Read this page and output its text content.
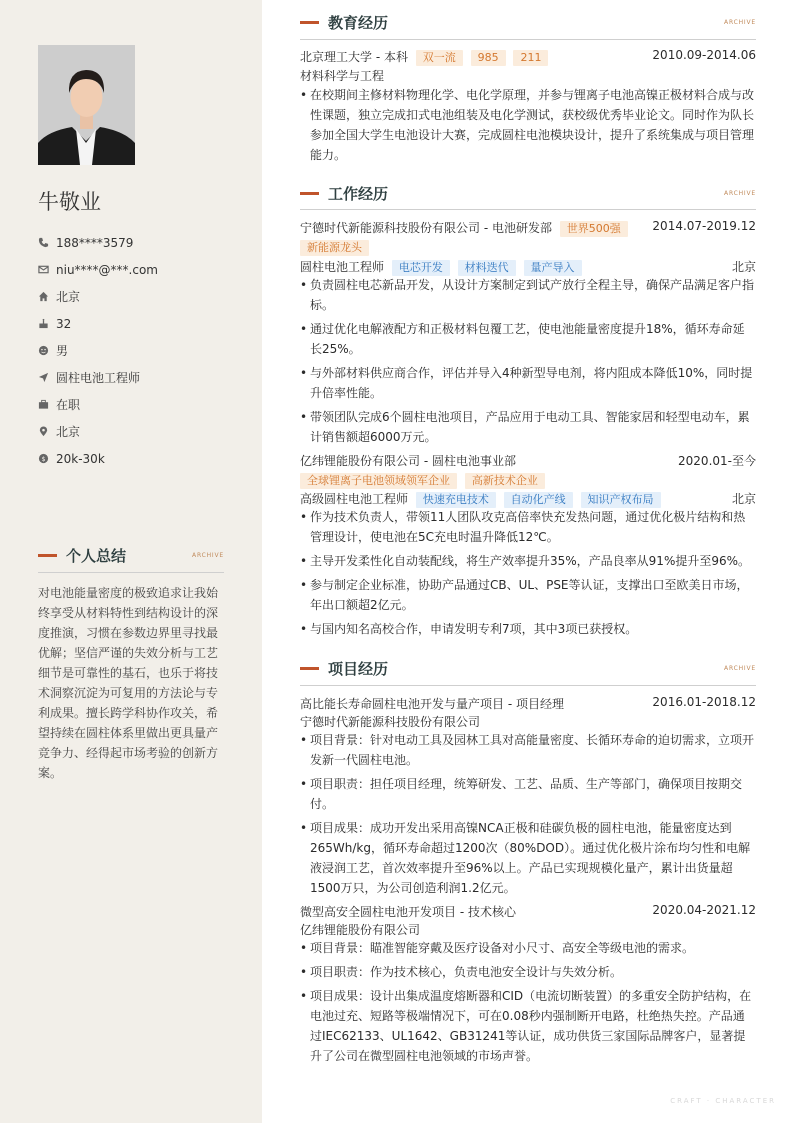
牛敬业
188****3579
niu****@***.com
北京
32
男
圆柱电池工程师
在职
北京
$ 20k-30k
个人总结	ARCHIVE
对电池能量密度的极致追求让我始终享受从材料特性到结构设计的深度推演，习惯在参数边界里寻找最优解；坚信严谨的失效分析与工艺细节是可靠性的基石，也乐于将技术洞察沉淀为可复用的方法论与专利成果。擅长跨学科协作攻关，希望持续在圆柱体系里做出更具量产竞争力、经得起市场考验的创新方案。
教育经历	ARCHIVE
北京理工大学 - 本科 双一流 985 211	2010.09-2014.06
材料科学与工程
• 在校期间主修材料物理化学、电化学原理，并参与锂离子电池高镍正极材料合成与改性课题，独立完成扣式电池组装及电化学测试，获校级优秀毕业论文。同时作为队长参加全国大学生电池设计大赛，完成圆柱电池模块设计，提升了系统集成与项目管理能力。
工作经历	ARCHIVE
宁德时代新能源科技股份有限公司 - 电池研发部 世界500强	2014.07-2019.12
新能源龙头
圆柱电池工程师 电芯开发 材料迭代 量产导入	北京
• 负责圆柱电芯新品开发，从设计方案制定到试产放行全程主导，确保产品满足客户指标。
• 通过优化电解液配方和正极材料包覆工艺，使电池能量密度提升18%，循环寿命延长25%。
• 与外部材料供应商合作，评估并导入4种新型导电剂，将内阻成本降低10%，同时提升倍率性能。
• 带领团队完成6个圆柱电池项目，产品应用于电动工具、智能家居和轻型电动车，累计销售额超6000万元。
亿纬锂能股份有限公司 - 圆柱电池事业部	2020.01-至今
全球锂离子电池领域领军企业 高新技术企业
高级圆柱电池工程师 快速充电技术 自动化产线 知识产权布局	北京
• 作为技术负责人，带领11人团队攻克高倍率快充发热问题，通过优化极片结构和热管理设计，使电池在5C充电时温升降低12℃。
• 主导开发柔性化自动装配线，将生产效率提升35%，产品良率从91%提升至96%。
• 参与制定企业标准，协助产品通过CB、UL、PSE等认证，支撑出口至欧美日市场，年出口额超2亿元。
• 与国内知名高校合作，申请发明专利7项，其中3项已获授权。
项目经历	ARCHIVE
高比能长寿命圆柱电池开发与量产项目 - 项目经理	2016.01-2018.12
宁德时代新能源科技股份有限公司
• 项目背景：针对电动工具及园林工具对高能量密度、长循环寿命的迫切需求，立项开发新一代圆柱电池。
• 项目职责：担任项目经理，统筹研发、工艺、品质、生产等部门，确保项目按期交付。
• 项目成果：成功开发出采用高镍NCA正极和硅碳负极的圆柱电池，能量密度达到265Wh/kg，循环寿命超过1200次（80%DOD）。通过优化极片涂布均匀性和电解液浸润工艺，首次效率提升至96%以上。产品已实现规模化量产，累计出货量超1500万只，为公司创造利润1.2亿元。
微型高安全圆柱电池开发项目 - 技术核心	2020.04-2021.12
亿纬锂能股份有限公司
• 项目背景：瞄准智能穿戴及医疗设备对小尺寸、高安全等级电池的需求。
• 项目职责：作为技术核心，负责电池安全设计与失效分析。
• 项目成果：设计出集成温度熔断器和CID（电流切断装置）的多重安全防护结构，在电池过充、短路等极端情况下，可在0.08秒内强制断开电路，杜绝热失控。产品通过IEC62133、UL1642、GB31241等认证，成功供货三家国际品牌客户，显著提升了公司在微型圆柱电池领域的市场声誉。
CRAFT · CHARACTER
